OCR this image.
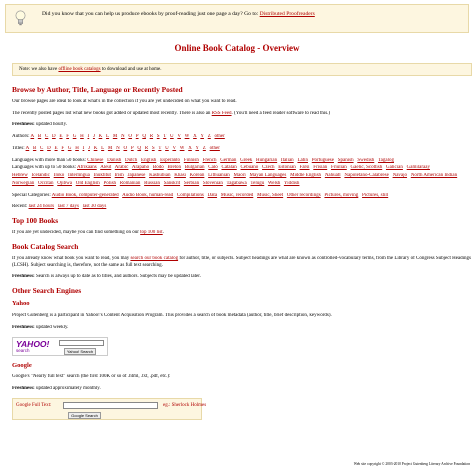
Did you know that you can help us produce ebooks by proof-reading just one page a day? Go to: Distributed Proofreaders
Online Book Catalog - Overview
Note: we also have offline book catalogs to download and use at home.
Browse by Author, Title, Language or Recently Posted

Our browse pages are ideal to look at what's in the collection if you are yet undecided on what you want to read.

The recently posted pages list what new books got added or updated most recently. There is also an RSS Feed. (You'll need a feed reader software to read this.)

Freshness: updated hourly.

Authors: A B C D E F G H I J K L M N O P Q R S T U V W X Y Z other

Titles: A B C D E F G H I J K L M N O P Q R S T U V W X Y Z other

Languages with more than 50 books: Chinese Danish Dutch English Esperanto Finnish French German Greek Hungarian Italian Latin Portuguese Spanish Swedish Tagalog
Languages with up to 50 books: Afrikaans Aleut Arabic Arapaho Bodo Breton Bulgarian Caló Catalan Cebuano Czech Estonian Farsi Frisian Friulian Gaelic, Scottish Galician Gamilaraay
Hebrew Icelandic Iloko Interlingua Inuktitut Irish Japanese Kashubian Khasi Korean Lithuanian Maori Mayan Languages Middle English Nahuatl Napoletano-Calabrese Navajo North American Indian
Norwegian Occitan Ojibwa Old English Polish Romanian Russian Sanskrit Serbian Slovenian Tagabawa Telugu Welsh Yiddish

Special Categories: Audio Book, computer-generated Audio Book, human-read Compilations Data Music, recorded Music, Sheet Other recordings Pictures, moving Pictures, still

Recent: last 24 hours last 7 days last 30 days

Top 100 Books

If you are yet undecided, maybe you can find something on our top 100 list.

Book Catalog Search

If you already know what book you want to read, you may search our book catalog for author, title, or subjects. Subject headings are what are known as controlled-vocabulary terms, from the Library of Congress Subject Headings (LCSH). Subject searching is, therefore, not the same as full text searching.

Freshness: Search is always up to date as to titles, and authors. Subjects may be updated later.

Other Search Engines
Yahoo

Project Gutenberg is a participant in Yahoo!'s Content Acquisition Program. This provides a search of book metadata (author, title, brief description, keywords).

Freshness: updated weekly.

YAHOO!
search	Yahoo! Search
Google

Google's "Nearly full text" search (the first 100K or so of .html, .txt, .pdf, etc.):

Freshness: updated approximately monthly.

Google Full Text:	eg.: Sherlock Holmes
Google Search
Web site copyright © 2003-2010 Project Gutenberg Literary Archive Foundation
